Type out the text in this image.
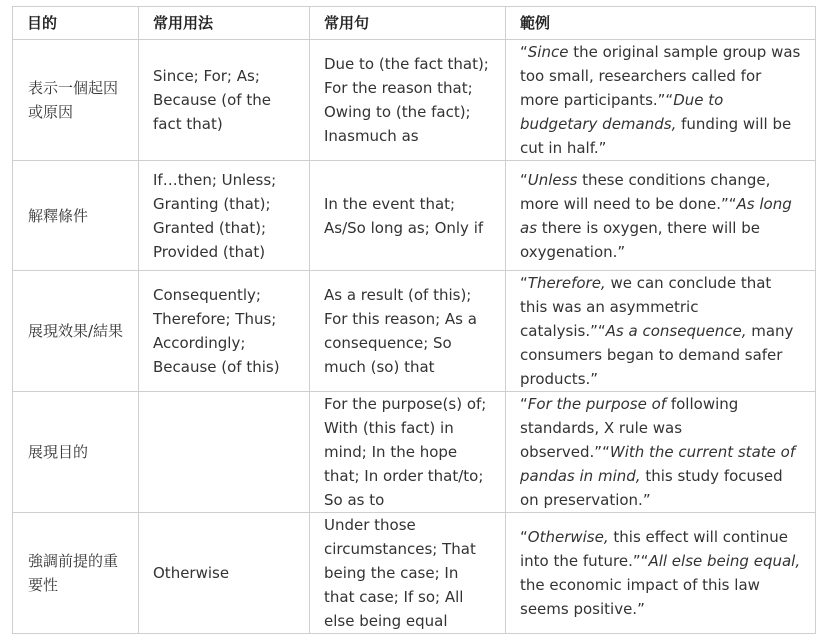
目的	常用用法	常用句	範例
表示一個起因或原因	Since; For; As; Because (of the fact that)	Due to (the fact that); For the reason that; Owing to (the fact); Inasmuch as	“Since the original sample group was too small, researchers called for more participants.”“Due to budgetary demands, funding will be cut in half.”
解釋條件	If…then; Unless; Granting (that); Granted (that); Provided (that)	In the event that; As/So long as; Only if	“Unless these conditions change, more will need to be done.”“As long as there is oxygen, there will be oxygenation.”
展現效果/結果	Consequently; Therefore; Thus; Accordingly; Because (of this)	As a result (of this); For this reason; As a consequence; So much (so) that	“Therefore, we can conclude that this was an asymmetric catalysis.”“As a consequence, many consumers began to demand safer products.”
展現目的		For the purpose(s) of; With (this fact) in mind; In the hope that; In order that/to; So as to	“For the purpose of following standards, X rule was observed.”“With the current state of pandas in mind, this study focused on preservation.”
強調前提的重要性	Otherwise	Under those circumstances; That being the case; In that case; If so; All else being equal	“Otherwise, this effect will continue into the future.”“All else being equal, the economic impact of this law seems positive.”
